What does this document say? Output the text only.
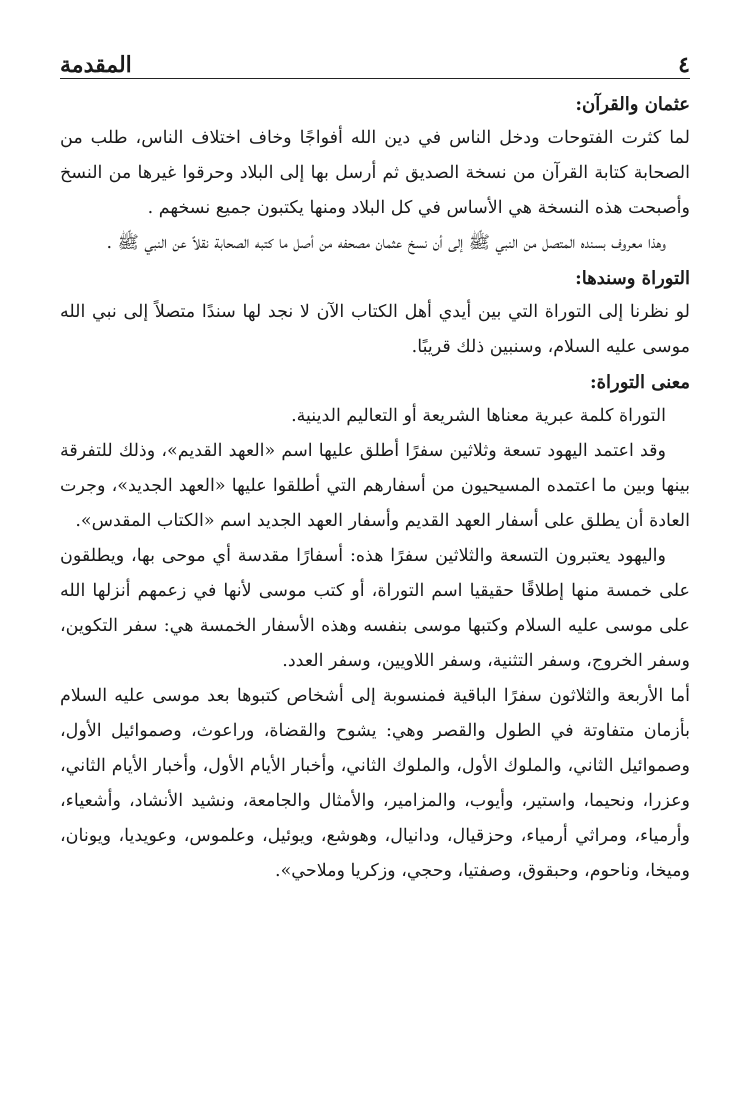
٤
المقدمة

عثمان والقرآن:

لما كثرت الفتوحات ودخل الناس في دين الله أفواجًا وخاف اختلاف الناس، طلب من الصحابة كتابة القرآن من نسخة الصديق ثم أرسل بها إلى البلاد وحرقوا غيرها من النسخ وأصبحت هذه النسخة هي الأساس في كل البلاد ومنها يكتبون جميع نسخهم .

وهذا معروف بسنده المتصل من النبي ﷺ إلى أن نسخ عثمان مصحفه من أصل ما كتبه الصحابة نقلاً عن النبي ﷺ .

التوراة وسندها:

لو نظرنا إلى التوراة التي بين أيدي أهل الكتاب الآن لا نجد لها سندًا متصلاً إلى نبي الله موسى عليه السلام، وسنبين ذلك قريبًا.

معنى التوراة:

التوراة كلمة عبرية معناها الشريعة أو التعاليم الدينية.

وقد اعتمد اليهود تسعة وثلاثين سفرًا أطلق عليها اسم «العهد القديم»، وذلك للتفرقة بينها وبين ما اعتمده المسيحيون من أسفارهم التي أطلقوا عليها «العهد الجديد»، وجرت العادة أن يطلق على أسفار العهد القديم وأسفار العهد الجديد اسم «الكتاب المقدس».

واليهود يعتبرون التسعة والثلاثين سفرًا هذه: أسفارًا مقدسة أي موحى بها، ويطلقون على خمسة منها إطلاقًا حقيقيا اسم التوراة، أو كتب موسى لأنها في زعمهم أنزلها الله على موسى عليه السلام وكتبها موسى بنفسه وهذه الأسفار الخمسة هي: سفر التكوين، وسفر الخروج، وسفر التثنية، وسفر اللاويين، وسفر العدد.

أما الأربعة والثلاثون سفرًا الباقية فمنسوبة إلى أشخاص كتبوها بعد موسى عليه السلام بأزمان متفاوتة في الطول والقصر وهي: يشوح والقضاة، وراعوث، وصموائيل الأول، وصموائيل الثاني، والملوك الأول، والملوك الثاني، وأخبار الأيام الأول، وأخبار الأيام الثاني، وعزرا، ونحيما، واستير، وأيوب، والمزامير، والأمثال والجامعة، ونشيد الأنشاد، وأشعياء، وأرمياء، ومراثي أرمياء، وحزقيال، ودانيال، وهوشع، ويوئيل، وعلموس، وعويديا، ويونان، وميخا، وناحوم، وحبقوق، وصفتيا، وحجي، وزكريا وملاحي».
